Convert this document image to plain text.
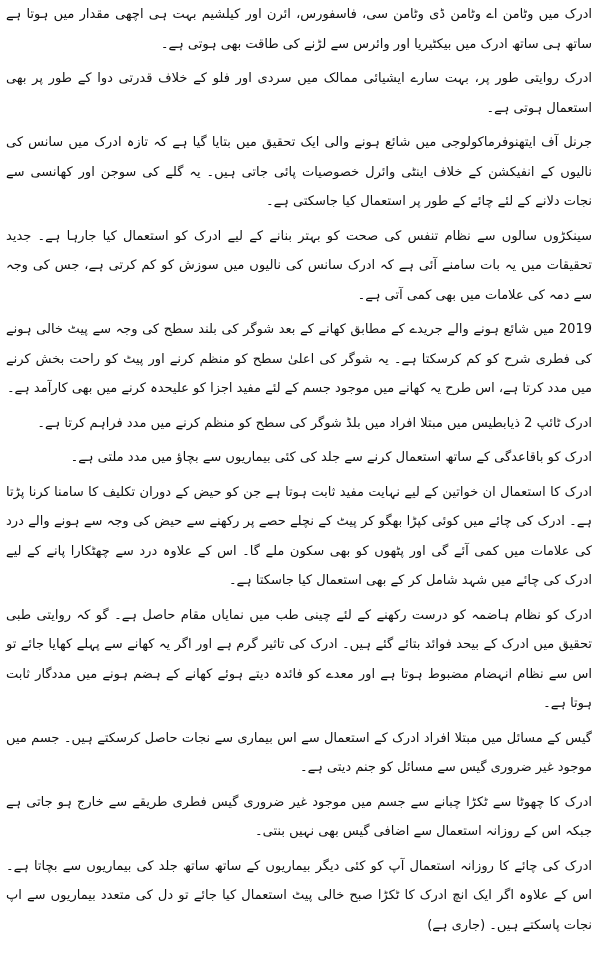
ادرک میں وٹامن اے وٹامن ڈی وٹامن سی، فاسفورس، ائرن اور کیلشیم بہت ہی اچھی مقدار میں ہوتا ہے ساتھ ہی ساتھ ادرک میں بیکٹیریا اور وائرس سے لڑنے کی طاقت بھی ہوتی ہے۔

ادرک روایتی طور پر، بہت سارے ایشیائی ممالک میں سردی اور فلو کے خلاف قدرتی دوا کے طور پر بھی استعمال ہوتی ہے۔

جرنل آف ایتھنوفرماکولوجی میں شائع ہونے والی ایک تحقیق میں بتایا گیا ہے کہ تازہ ادرک میں سانس کی نالیوں کے انفیکشن کے خلاف اینٹی وائرل خصوصیات پائی جاتی ہیں۔ یہ گلے کی سوجن اور کھانسی سے نجات دلانے کے لئے چائے کے طور پر استعمال کیا جاسکتی ہے۔

سینکڑوں سالوں سے نظام تنفس کی صحت کو بہتر بنانے کے لیے ادرک کو استعمال کیا جارہا ہے۔ جدید تحقیقات میں یہ بات سامنے آئی ہے کہ ادرک سانس کی نالیوں میں سوزش کو کم کرتی ہے، جس کی وجہ سے دمہ کی علامات میں بھی کمی آتی ہے۔

2019 میں شائع ہونے والے جریدے کے مطابق کھانے کے بعد شوگر کی بلند سطح کی وجہ سے پیٹ خالی ہونے کی فطری شرح کو کم کرسکتا ہے۔ یہ شوگر کی اعلیٰ سطح کو منظم کرنے اور پیٹ کو راحت بخش کرنے میں مدد کرتا ہے، اس طرح یہ کھانے میں موجود جسم کے لئے مفید اجزا کو علیحدہ کرنے میں بھی کارآمد ہے۔

ادرک ٹائپ 2 ذیابطیس میں مبتلا افراد میں بلڈ شوگر کی سطح کو منظم کرنے میں مدد فراہم کرتا ہے۔

ادرک کو باقاعدگی کے ساتھ استعمال کرنے سے جلد کی کئی بیماریوں سے بچاؤ میں مدد ملتی ہے۔

ادرک کا استعمال ان خواتین کے لیے نہایت مفید ثابت ہوتا ہے جن کو حیض کے دوران تکلیف کا سامنا کرنا پڑتا ہے۔ ادرک کی چائے میں کوئی کپڑا بھگو کر پیٹ کے نچلے حصے پر رکھنے سے حیض کی وجہ سے ہونے والے درد کی علامات میں کمی آئے گی اور پٹھوں کو بھی سکون ملے گا۔ اس کے علاوہ درد سے چھٹکارا پانے کے لیے ادرک کی چائے میں شہد شامل کر کے بھی استعمال کیا جاسکتا ہے۔

ادرک کو نظام ہاضمہ کو درست رکھنے کے لئے چینی طب میں نمایاں مقام حاصل ہے۔ گو کہ روایتی طبی تحقیق میں ادرک کے بیحد فوائد بتائے گئے ہیں۔ ادرک کی تاثیر گرم ہے اور اگر یہ کھانے سے پہلے کھایا جائے تو اس سے نظام انہضام مضبوط ہوتا ہے اور معدے کو فائدہ دیتے ہوئے کھانے کے ہضم ہونے میں مددگار ثابت ہوتا ہے۔

گیس کے مسائل میں مبتلا افراد ادرک کے استعمال سے اس بیماری سے نجات حاصل کرسکتے ہیں۔ جسم میں موجود غیر ضروری گیس سے مسائل کو جنم دیتی ہے۔

ادرک کا چھوٹا سے ٹکڑا چبانے سے جسم میں موجود غیر ضروری گیس فطری طریقے سے خارج ہو جاتی ہے جبکہ اس کے روزانہ استعمال سے اضافی گیس بھی نہیں بنتی۔

ادرک کی چائے کا روزانہ استعمال آپ کو کئی دیگر بیماریوں کے ساتھ ساتھ جلد کی بیماریوں سے بچاتا ہے۔ اس کے علاوہ اگر ایک انچ ادرک کا ٹکڑا صبح خالی پیٹ استعمال کیا جائے تو دل کی متعدد بیماریوں سے اپ نجات پاسکتے ہیں۔ (جاری ہے)
